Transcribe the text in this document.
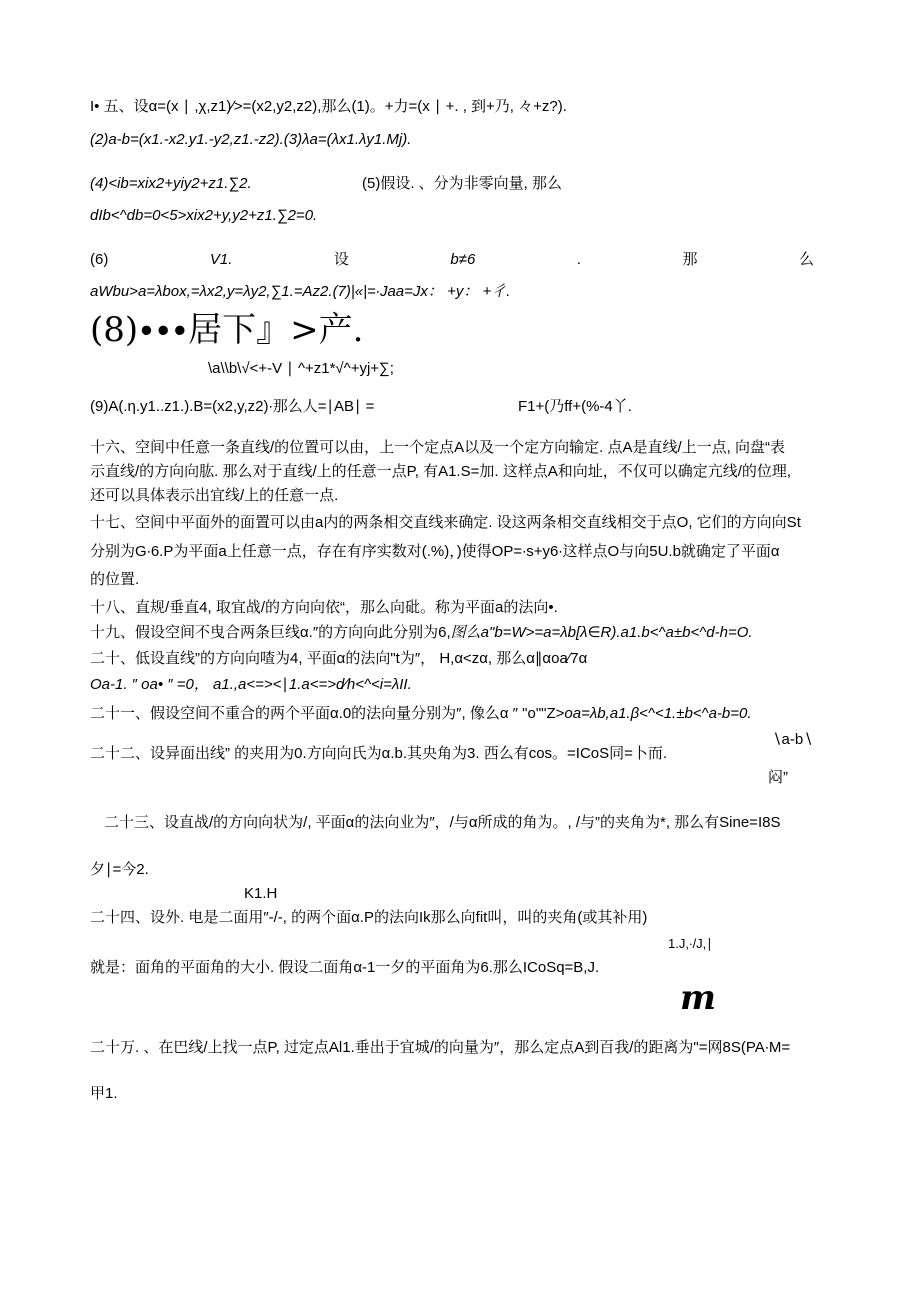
I• 五、设α=(x ∣ ,χ,z1)∕>=(x2,y2,z2),那么(1)。+力=(x ∣ +. , 到+乃, 々+z?).
(2)a-b=(x1.-x2.y1.-y2,z1.-z2).(3)λa=(λx1.λy1.Mj).
(4)<ib=xix2+yiy2+z1.∑2.	(5)假设. 、分为非零向量, 那么
dIb<^db=0<5>xix2+y,y2+z1.∑2=0.
(6)	V1.	设	b≠6	.	那	么
aWbu>a=λbox,=λx2,y=λy2,∑1.=Az2.(7)|«|=∙Jaa=Jx： +y： +彳.
(8)∙∙∙居下』>产.
\a\\b\√<+-V ∣ ^+z1*√^+yj+∑;
(9)A(.η.y1..z1.).B=(x2,y,z2)∙那么人=∣AB∣ =	F1+(乃ff+(%-4丫.
十六、空间中任意一条直线/的位置可以由，上一个定点A以及一个定方向输定. 点A是直线/上一点, 向盘“表
示直线/的方向向肱. 那么对于直线/上的任意一点P, 有A1.S=加. 这样点A和向址，不仅可以确定亢线/的位理,
还可以具体表示出宜线/上的任意一点.
十七、空间中平面外的面置可以由a内的两条相交直线来确定. 设这两条相交直线相交于点O, 它们的方向向St
分别为G∙6.P为平面a上任意一点，存在有序实数对(.%)，)使得OP=∙s+y6∙这样点O与向5U.b就确定了平面α
的位置.
十八、直规/垂直4, 取宜战/的方向向依“，那么向砒。称为平面a的法向•.
十九、假设空间不曳合两条巨线α.″的方向向此分别为6,图么a"b=W>=a=λb[λ∈R).a1.b<^a±b<^d-h=O.
二十、低设直线”的方向向喳为4, 平面α的法向"t为″， H,α<zα, 那么α∥αoa∕7α
Oa-1. ″ oa• ″ =0， a1.,a<=><∣1.a<=>d∕h<^<i=λII.
二十一、假设空间不重合的两个平面α.0的法向量分别为″, 像么α ″ "o""Z>oa=λb,a1.β<^<1.±b<^a-b=0.
二十二、设异面出线” 的夹用为0.方向向氏为α.b.其央角为3. 西么有cos。=ICoS同=卜而.
∖a-b∖
闷”
二十三、设直战/的方向向状为/, 平面α的法向业为″，/与α所成的角为。, /与”的夹角为*, 那么有Sine=I8S
夕∣=今2.
K1.H
二十四、设外. 电是二面用″-/-, 的两个面α.P的法向Ik那么向fit叫，叫的夹角(或其补用)
1.J,∙/J,∣
就是：面角的平面角的大小. 假设二面角α-1一夕的平面角为6.那么ICoSq=B,J.
m
二十万. 、在巴线/上找一点P, 过定点Al1.垂出于宜城/的向量为″，那么定点A到百我/的距离为"=网8S(PA∙M=
甲1.
